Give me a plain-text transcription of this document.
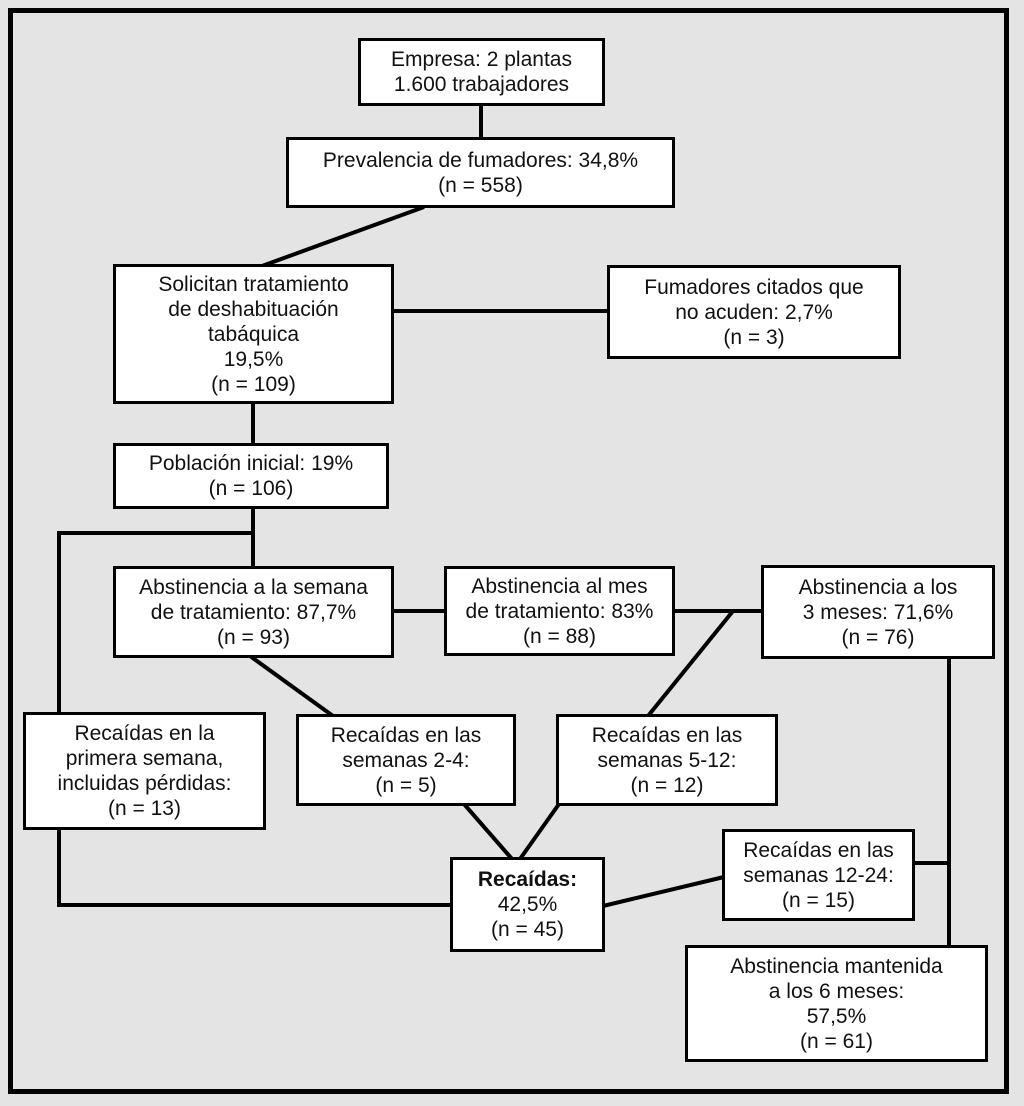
Empresa: 2 plantas
1.600 trabajadores
Prevalencia de fumadores: 34,8%
(n = 558)
Solicitan tratamiento
de deshabituación
tabáquica
19,5%
(n = 109)
Fumadores citados que
no acuden: 2,7%
(n = 3)
Población inicial: 19%
(n = 106)
Abstinencia a la semana
de tratamiento: 87,7%
(n = 93)
Abstinencia al mes
de tratamiento: 83%
(n = 88)
Abstinencia a los
3 meses: 71,6%
(n = 76)
Recaídas en la
primera semana,
incluidas pérdidas:
(n = 13)
Recaídas en las
semanas 2-4:
(n = 5)
Recaídas en las
semanas 5-12:
(n = 12)
Recaídas:
42,5%
(n = 45)
Recaídas en las
semanas 12-24:
(n = 15)
Abstinencia mantenida
a los 6 meses:
57,5%
(n = 61)
